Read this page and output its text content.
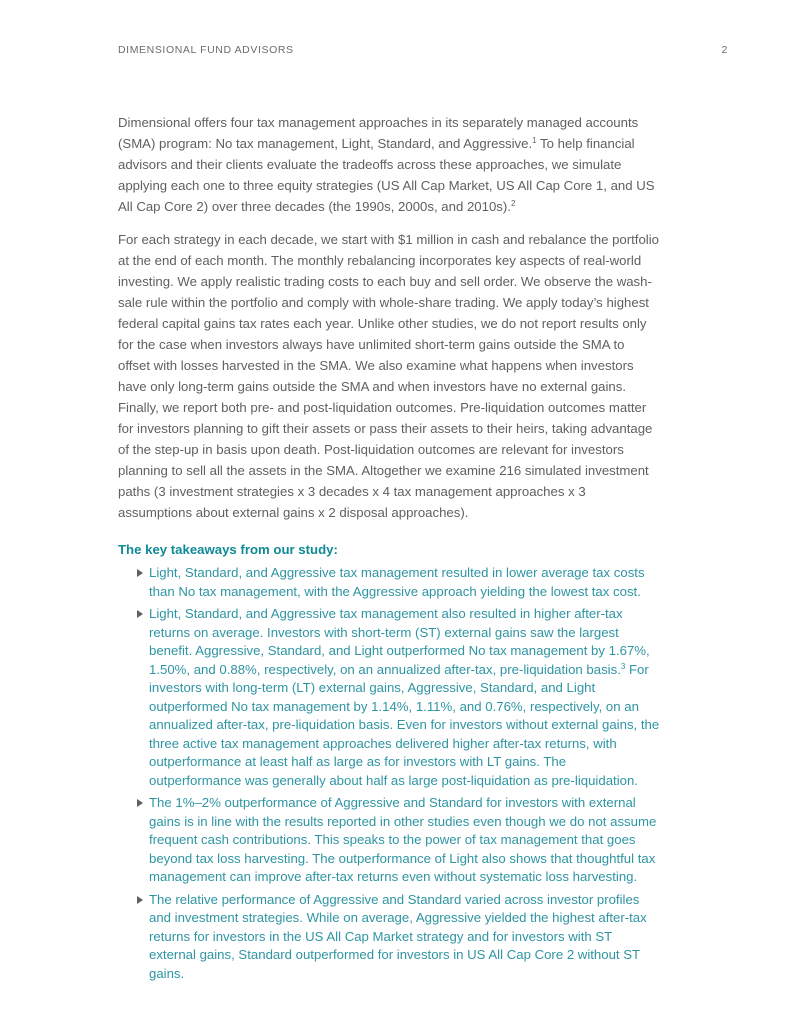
DIMENSIONAL FUND ADVISORS	2

Dimensional offers four tax management approaches in its separately managed accounts (SMA) program: No tax management, Light, Standard, and Aggressive.$^1$ To help financial advisors and their clients evaluate the tradeoffs across these approaches, we simulate applying each one to three equity strategies (US All Cap Market, US All Cap Core 1, and US All Cap Core 2) over three decades (the 1990s, 2000s, and 2010s).$^2$

For each strategy in each decade, we start with $1 million in cash and rebalance the portfolio at the end of each month. The monthly rebalancing incorporates key aspects of real-world investing. We apply realistic trading costs to each buy and sell order. We observe the wash-sale rule within the portfolio and comply with whole-share trading. We apply today’s highest federal capital gains tax rates each year. Unlike other studies, we do not report results only for the case when investors always have unlimited short-term gains outside the SMA to offset with losses harvested in the SMA. We also examine what happens when investors have only long-term gains outside the SMA and when investors have no external gains. Finally, we report both pre- and post-liquidation outcomes. Pre-liquidation outcomes matter for investors planning to gift their assets or pass their assets to their heirs, taking advantage of the step-up in basis upon death. Post-liquidation outcomes are relevant for investors planning to sell all the assets in the SMA. Altogether we examine 216 simulated investment paths (3 investment strategies x 3 decades x 4 tax management approaches x 3 assumptions about external gains x 2 disposal approaches).

The key takeaways from our study:
Light, Standard, and Aggressive tax management resulted in lower average tax costs than No tax management, with the Aggressive approach yielding the lowest tax cost.
Light, Standard, and Aggressive tax management also resulted in higher after-tax returns on average. Investors with short-term (ST) external gains saw the largest benefit. Aggressive, Standard, and Light outperformed No tax management by 1.67%, 1.50%, and 0.88%, respectively, on an annualized after-tax, pre-liquidation basis.$^3$ For investors with long-term (LT) external gains, Aggressive, Standard, and Light outperformed No tax management by 1.14%, 1.11%, and 0.76%, respectively, on an annualized after-tax, pre-liquidation basis. Even for investors without external gains, the three active tax management approaches delivered higher after-tax returns, with outperformance at least half as large as for investors with LT gains. The outperformance was generally about half as large post-liquidation as pre-liquidation.
The 1%–2% outperformance of Aggressive and Standard for investors with external gains is in line with the results reported in other studies even though we do not assume frequent cash contributions. This speaks to the power of tax management that goes beyond tax loss harvesting. The outperformance of Light also shows that thoughtful tax management can improve after-tax returns even without systematic loss harvesting.
The relative performance of Aggressive and Standard varied across investor profiles and investment strategies. While on average, Aggressive yielded the highest after-tax returns for investors in the US All Cap Market strategy and for investors with ST external gains, Standard outperformed for investors in US All Cap Core 2 without ST gains.
